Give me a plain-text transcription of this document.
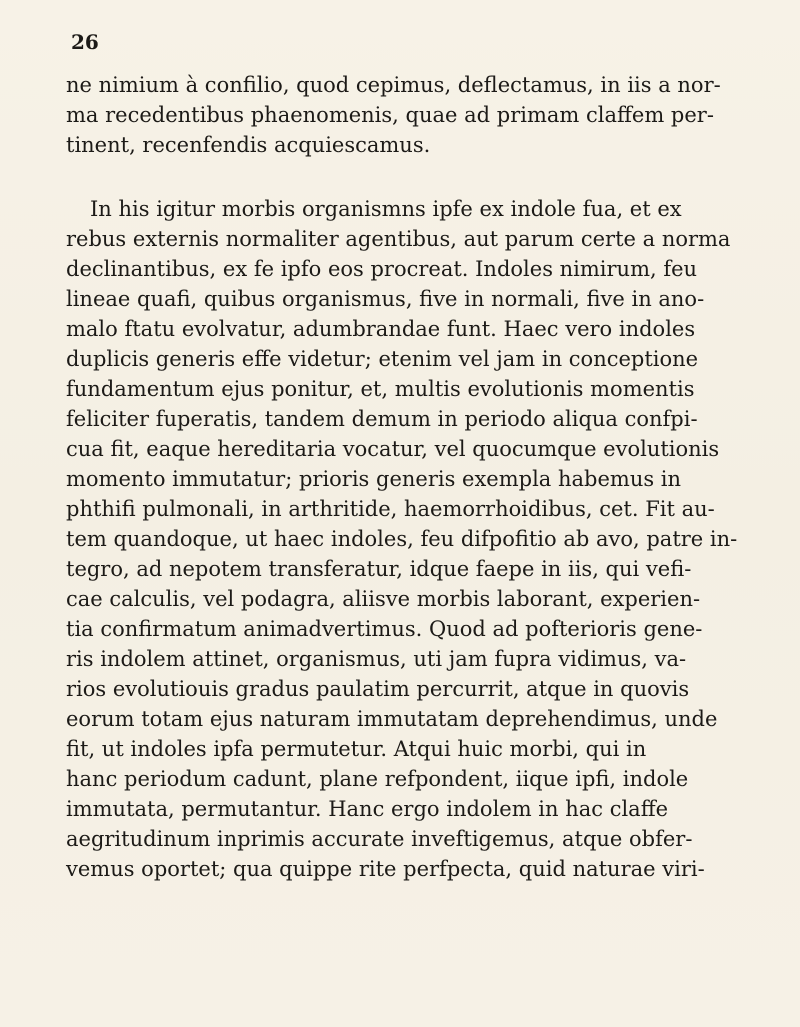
26
ne nimium à confilio, quod cepimus, deflectamus, in iis a nor-
ma recedentibus phaenomenis, quae ad primam claffem per-
tinent, recenfendis acquiescamus.
In his igitur morbis organismns ipfe ex indole fua, et ex
rebus externis normaliter agentibus, aut parum certe a norma
declinantibus, ex fe ipfo eos procreat. Indoles nimirum, feu
lineae quafi, quibus organismus, five in normali, five in ano-
malo ftatu evolvatur, adumbrandae funt. Haec vero indoles
duplicis generis effe videtur; etenim vel jam in conceptione
fundamentum ejus ponitur, et, multis evolutionis momentis
feliciter fuperatis, tandem demum in periodo aliqua confpi-
cua fit, eaque hereditaria vocatur, vel quocumque evolutionis
momento immutatur; prioris generis exempla habemus in
phthifi pulmonali, in arthritide, haemorrhoidibus, cet. Fit au-
tem quandoque, ut haec indoles, feu difpofitio ab avo, patre in-
tegro, ad nepotem transferatur, idque faepe in iis, qui vefi-
cae calculis, vel podagra, aliisve morbis laborant, experien-
tia confirmatum animadvertimus. Quod ad pofterioris gene-
ris indolem attinet, organismus, uti jam fupra vidimus, va-
rios evolutiouis gradus paulatim percurrit, atque in quovis
eorum totam ejus naturam immutatam deprehendimus, unde
fit, ut indoles ipfa permutetur. Atqui huic morbi, qui in
hanc periodum cadunt, plane refpondent, iique ipfi, indole
immutata, permutantur. Hanc ergo indolem in hac claffe
aegritudinum inprimis accurate inveftigemus, atque obfer-
vemus oportet; qua quippe rite perfpecta, quid naturae viri-
